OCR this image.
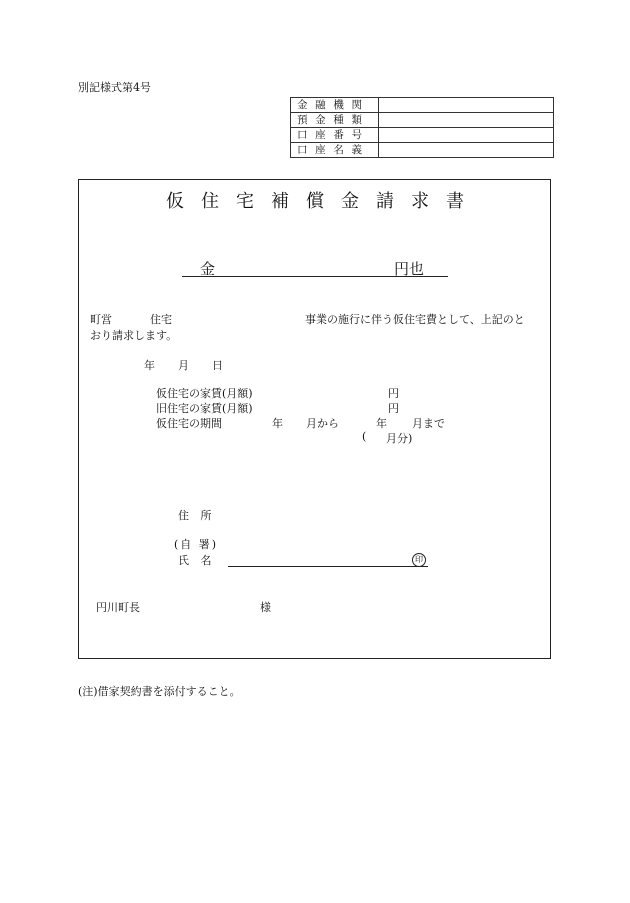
別記様式第4号
金融機関	
預金種類	
口座番号	
口座名義	
仮住宅補償金請求書
金	円也
町営	住宅	事業の施行に伴う仮住宅費として、上記のと
おり請求します。
年 月 日
仮住宅の家賃(月額)	円
旧住宅の家賃(月額)	円
仮住宅の期間	年 月から	年 月まで
( 月分)
住 所
(自 署)
氏 名	印
円川町長	様
(注)借家契約書を添付すること。
